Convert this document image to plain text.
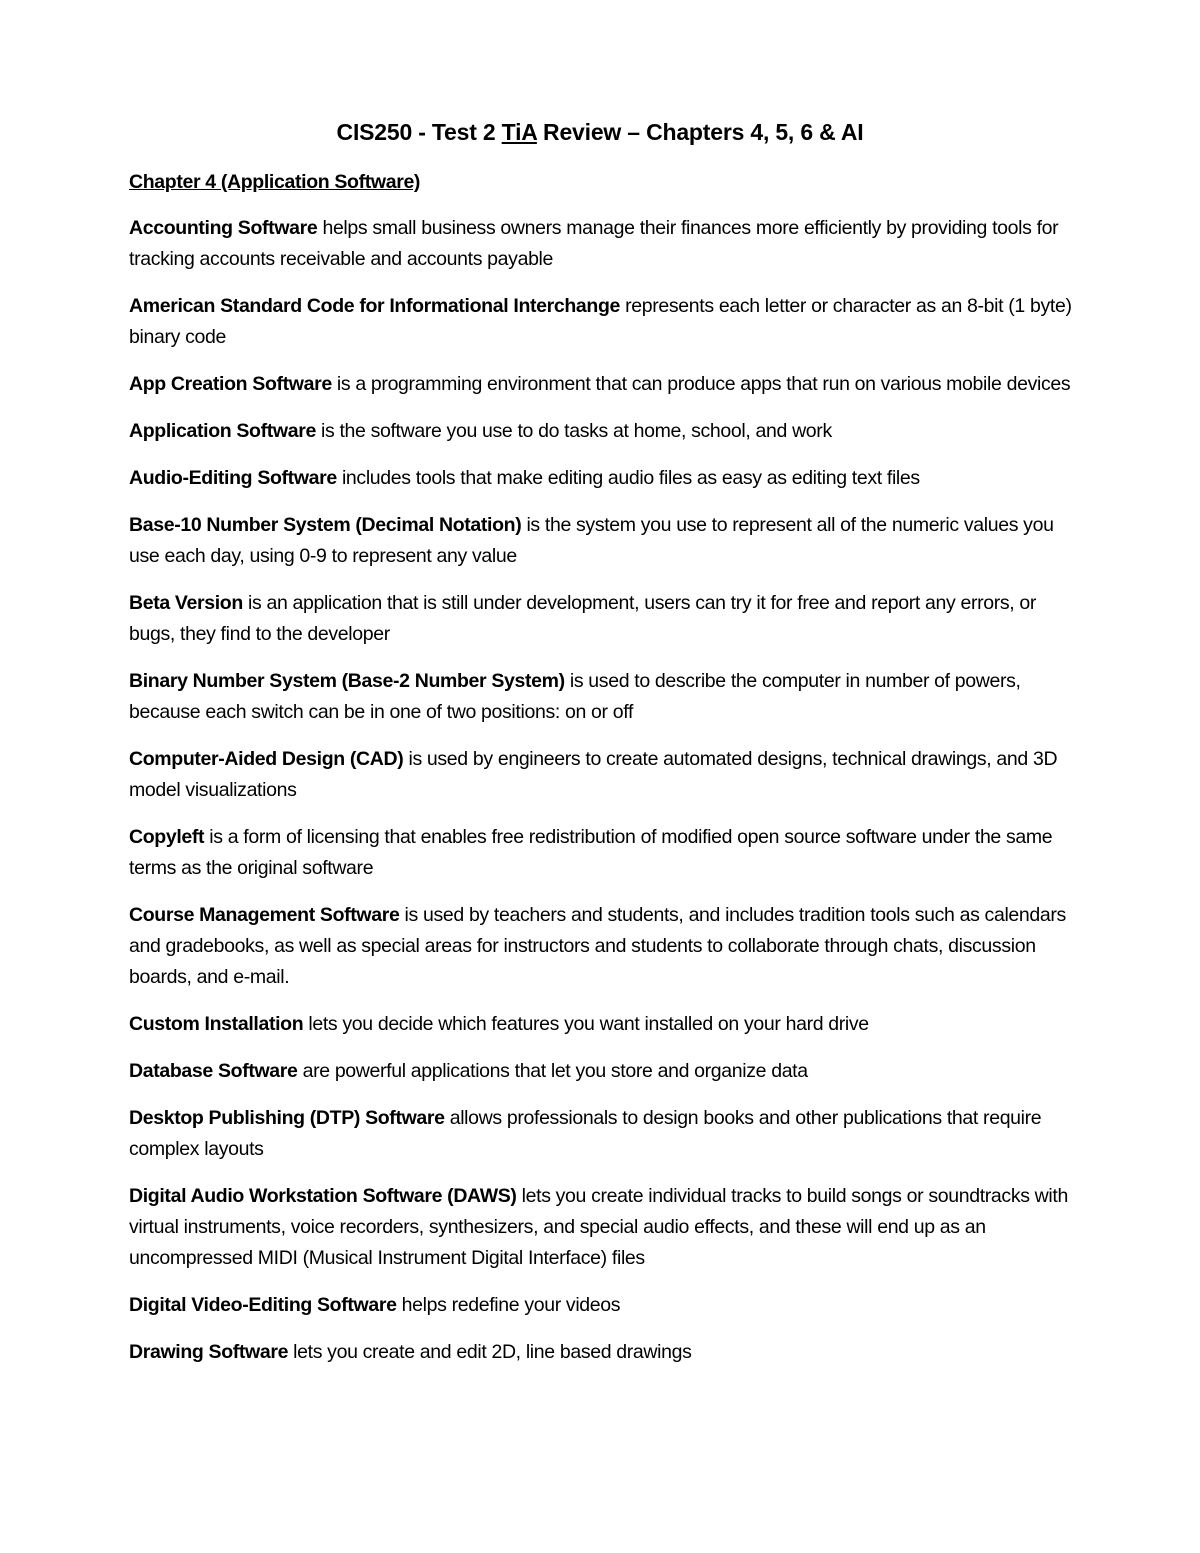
CIS250 - Test 2 TiA Review – Chapters 4, 5, 6 & AI
Chapter 4 (Application Software)
Accounting Software helps small business owners manage their finances more efficiently by providing tools for tracking accounts receivable and accounts payable
American Standard Code for Informational Interchange represents each letter or character as an 8-bit (1 byte) binary code
App Creation Software is a programming environment that can produce apps that run on various mobile devices
Application Software is the software you use to do tasks at home, school, and work
Audio-Editing Software includes tools that make editing audio files as easy as editing text files
Base-10 Number System (Decimal Notation) is the system you use to represent all of the numeric values you use each day, using 0-9 to represent any value
Beta Version is an application that is still under development, users can try it for free and report any errors, or bugs, they find to the developer
Binary Number System (Base-2 Number System) is used to describe the computer in number of powers, because each switch can be in one of two positions: on or off
Computer-Aided Design (CAD) is used by engineers to create automated designs, technical drawings, and 3D model visualizations
Copyleft is a form of licensing that enables free redistribution of modified open source software under the same terms as the original software
Course Management Software is used by teachers and students, and includes tradition tools such as calendars and gradebooks, as well as special areas for instructors and students to collaborate through chats, discussion boards, and e-mail.
Custom Installation lets you decide which features you want installed on your hard drive
Database Software are powerful applications that let you store and organize data
Desktop Publishing (DTP) Software allows professionals to design books and other publications that require complex layouts
Digital Audio Workstation Software (DAWS) lets you create individual tracks to build songs or soundtracks with virtual instruments, voice recorders, synthesizers, and special audio effects, and these will end up as an uncompressed MIDI (Musical Instrument Digital Interface) files
Digital Video-Editing Software helps redefine your videos
Drawing Software lets you create and edit 2D, line based drawings
